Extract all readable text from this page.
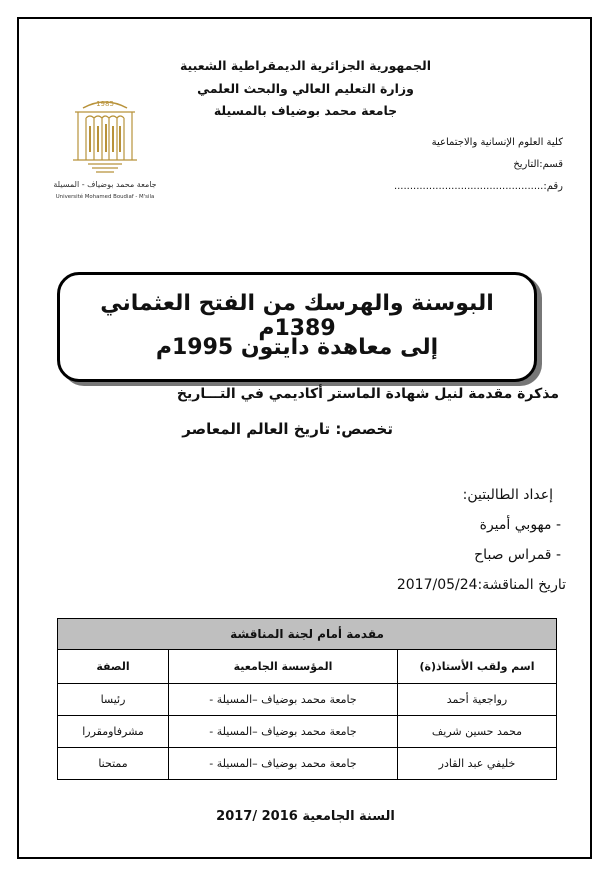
الجمهورية الجزائرية الديمقراطية الشعبية
وزارة التعليم العالي والبحث العلمي
جامعة محمد بوضياف بالمسيلة
1985
جامعة محمد بوضياف - المسيلة
Université Mohamed Boudiaf - M'sila
كلية العلوم الإنسانية والاجتماعية
قسم:التاريخ
رقم:...............................................
البوسنة والهرسك من الفتح العثماني 1389م
إلى معاهدة دايتون 1995م
مذكرة مقدمة لنيل شهادة الماستر أكاديمي في التـــاريخ
تخصص: تاريخ العالم المعاصر
إعداد الطالبتين:
- مهوبي أميرة
- قمراس صباح
تاريخ المناقشة:2017/05/24
مقدمة أمام لجنة المناقشة		
اسم ولقب الأستاذ(ة)	المؤسسة الجامعية	الصفة
رواجعية أحمد	جامعة محمد بوضياف –المسيلة -	رئيسا
محمد حسين شريف	جامعة محمد بوضياف –المسيلة -	مشرفاومقررا
خليفي عبد القادر	جامعة محمد بوضياف –المسيلة -	ممتحنا
السنة الجامعية 2016 /2017
